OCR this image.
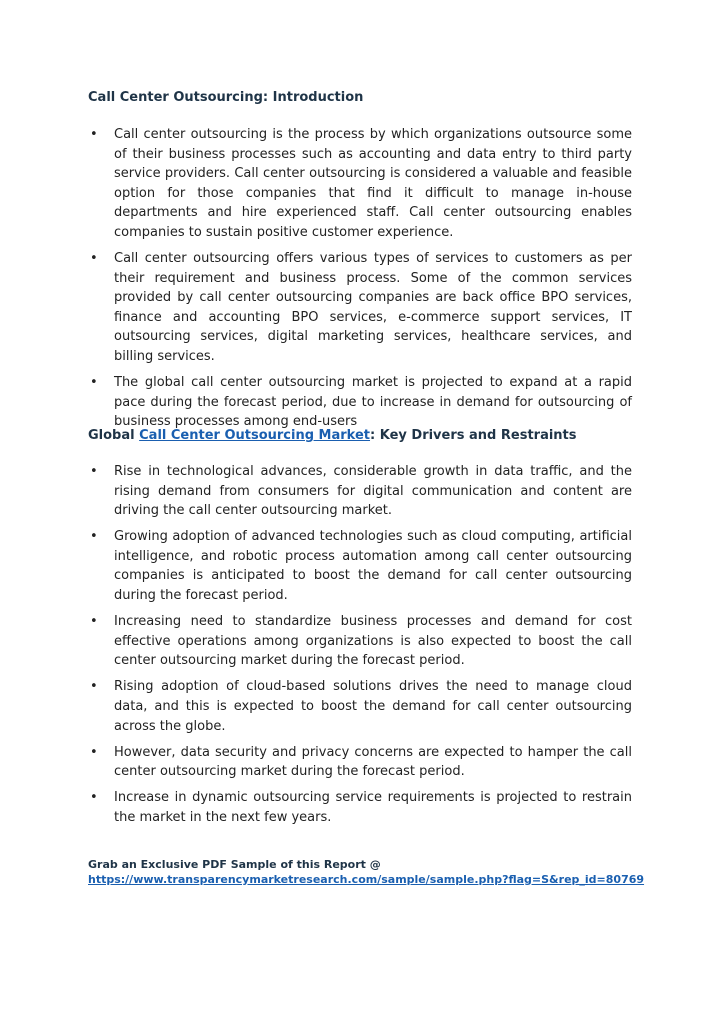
Call Center Outsourcing: Introduction
• Call center outsourcing is the process by which organizations outsource some of their business processes such as accounting and data entry to third party service providers. Call center outsourcing is considered a valuable and feasible option for those companies that find it difficult to manage in-house departments and hire experienced staff. Call center outsourcing enables companies to sustain positive customer experience.
• Call center outsourcing offers various types of services to customers as per their requirement and business process. Some of the common services provided by call center outsourcing companies are back office BPO services, finance and accounting BPO services, e-commerce support services, IT outsourcing services, digital marketing services, healthcare services, and billing services.
• The global call center outsourcing market is projected to expand at a rapid pace during the forecast period, due to increase in demand for outsourcing of business processes among end-users
Global Call Center Outsourcing Market: Key Drivers and Restraints
• Rise in technological advances, considerable growth in data traffic, and the rising demand from consumers for digital communication and content are driving the call center outsourcing market.
• Growing adoption of advanced technologies such as cloud computing, artificial intelligence, and robotic process automation among call center outsourcing companies is anticipated to boost the demand for call center outsourcing during the forecast period.
• Increasing need to standardize business processes and demand for cost effective operations among organizations is also expected to boost the call center outsourcing market during the forecast period.
• Rising adoption of cloud-based solutions drives the need to manage cloud data, and this is expected to boost the demand for call center outsourcing across the globe.
• However, data security and privacy concerns are expected to hamper the call center outsourcing market during the forecast period.
• Increase in dynamic outsourcing service requirements is projected to restrain the market in the next few years.
Grab an Exclusive PDF Sample of this Report @
https://www.transparencymarketresearch.com/sample/sample.php?flag=S&rep_id=80769
